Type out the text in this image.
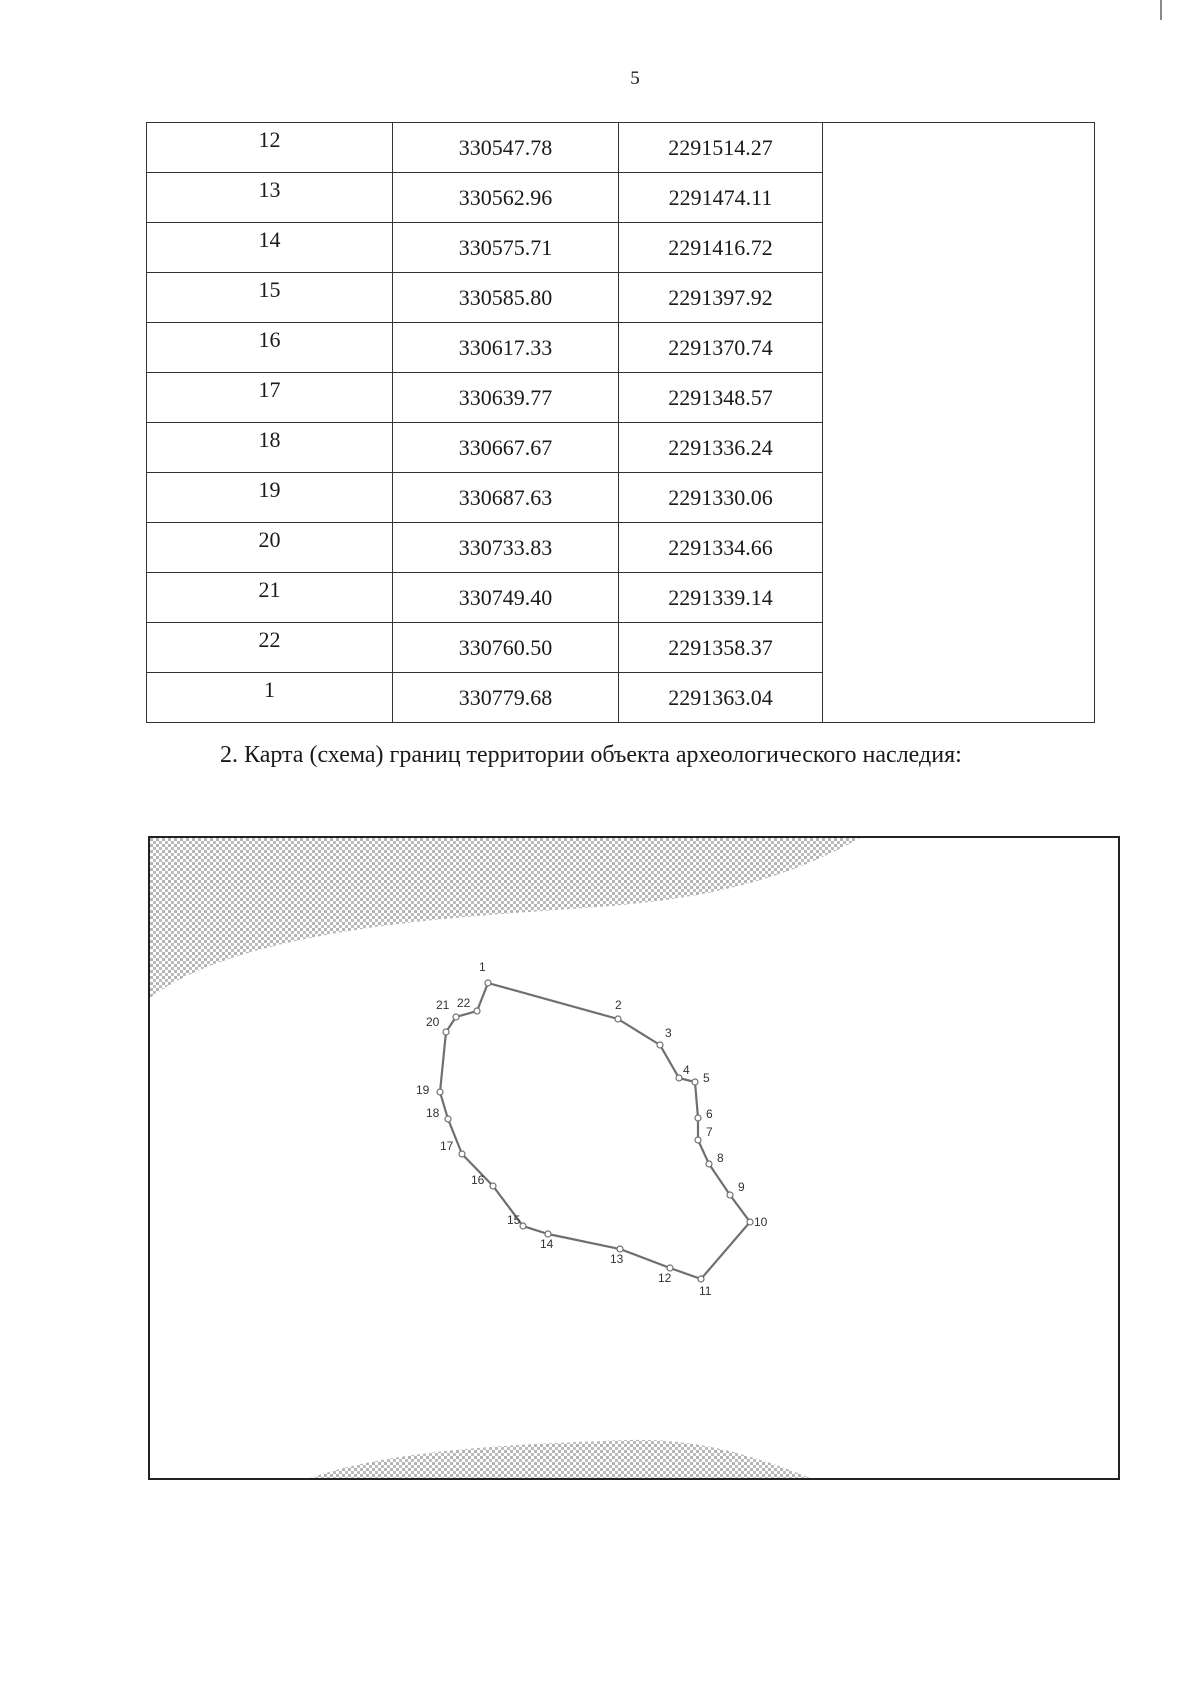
5
12	330547.78	2291514.27	
13	330562.96	2291474.11	
14	330575.71	2291416.72	
15	330585.80	2291397.92	
16	330617.33	2291370.74	
17	330639.77	2291348.57	
18	330667.67	2291336.24	
19	330687.63	2291330.06	
20	330733.83	2291334.66	
21	330749.40	2291339.14	
22	330760.50	2291358.37	
1	330779.68	2291363.04	
2. Карта (схема) границ территории объекта археологического наследия:
1
2
3
4
5
6
7
8
9
10
11
12
13
14
15
16
17
18
19
20
21 22
